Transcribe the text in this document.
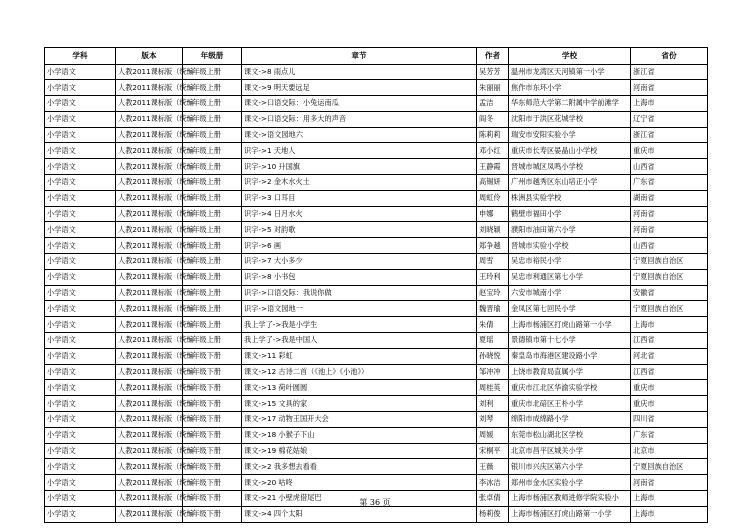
学科	版本	年级册	章节	作者	学校	省份
小学语文	人教2011课标版（统编	一年级上册	课文->8 雨点儿	吴芳芳	温州市龙湾区天河镇第一小学	浙江省
小学语文	人教2011课标版（统编	一年级上册	课文->9 明天要远足	朱丽丽	焦作市东环小学	河南省
小学语文	人教2011课标版（统编	一年级上册	课文->口语交际：小兔运南瓜	孟洁	华东师范大学第二附属中学前滩学	上海市
小学语文	人教2011课标版（统编	一年级上册	课文->口语交际：用多大的声音	阎冬	沈阳市于洪区花城学校	辽宁省
小学语文	人教2011课标版（统编	一年级上册	课文->语文园地六	陈莉莉	瑞安市安阳实验小学	浙江省
小学语文	人教2011课标版（统编	一年级上册	识字->1 天地人	邓小红	重庆市长寿区晏晶山小学校	重庆市
小学语文	人教2011课标版（统编	一年级上册	识字->10 升国旗	王静霞	晋城市城区凤鸣小学校	山西省
小学语文	人教2011课标版（统编	一年级上册	识字->2 金木水火土	高锡妍	广州市越秀区东山培正小学	广东省
小学语文	人教2011课标版（统编	一年级上册	识字->3 口耳目	周虹伶	株洲县实验学校	湖南省
小学语文	人教2011课标版（统编	一年级上册	识字->4 日月水火	申娜	鹤壁市福田小学	河南省
小学语文	人教2011课标版（统编	一年级上册	识字->5 对韵歌	刘晓颖	濮阳市油田第六小学	河南省
小学语文	人教2011课标版（统编	一年级上册	识字->6 画	郑争越	晋城市实验小学校	山西省
小学语文	人教2011课标版（统编	一年级上册	识字->7 大小多少	周雪	吴忠市裕民小学	宁夏回族自治区
小学语文	人教2011课标版（统编	一年级上册	识字->8 小书包	王玲利	吴忠市利通区第七小学	宁夏回族自治区
小学语文	人教2011课标版（统编	一年级上册	识字->口语交际：我说你做	赵宝玲	六安市城南小学	安徽省
小学语文	人教2011课标版（统编	一年级上册	识字->语文园地一	魏晋瑜	金凤区第七回民小学	宁夏回族自治区
小学语文	人教2011课标版（统编	一年级上册	我上学了->我是小学生	朱倩	上海市杨浦区打虎山路第一小学	上海市
小学语文	人教2011课标版（统编	一年级上册	我上学了->我是中国人	夏瑶	景德镇市第十七小学	江西省
小学语文	人教2011课标版（统编	一年级下册	课文->11 彩虹	孙晓悦	秦皇岛市海港区建设路小学	河北省
小学语文	人教2011课标版（统编	一年级下册	课文->12 古诗二首（《池上》《小池》）	邹冲冲	上饶市教育局直属小学	江西省
小学语文	人教2011课标版（统编	一年级下册	课文->13 荷叶圆圆	周桂英	重庆市江北区华渝实验学校	重庆市
小学语文	人教2011课标版（统编	一年级下册	课文->15 文具的家	刘利	重庆市北碚区王朴小学	重庆市
小学语文	人教2011课标版（统编	一年级下册	课文->17 动物王国开大会	刘琴	绵阳市成绵路小学	四川省
小学语文	人教2011课标版（统编	一年级下册	课文->18 小猴子下山	周媛	东莞市松山湖北区学校	广东省
小学语文	人教2011课标版（统编	一年级下册	课文->19 棉花姑娘	宋桐平	北京市昌平区城关小学	北京市
小学语文	人教2011课标版（统编	一年级下册	课文->2 我多想去看看	王薇	银川市兴庆区第六小学	宁夏回族自治区
小学语文	人教2011课标版（统编	一年级下册	课文->20 咕咚	李冰洁	郑州市金水区实验小学	河南省
小学语文	人教2011课标版（统编	一年级下册	课文->21 小壁虎借尾巴	张卓倩	上海市杨浦区教师进修学院实验小	上海市
小学语文	人教2011课标版（统编	一年级下册	课文->4 四个太阳	杨莉俊	上海市杨浦区打虎山路第一小学	上海市
第 36 页
